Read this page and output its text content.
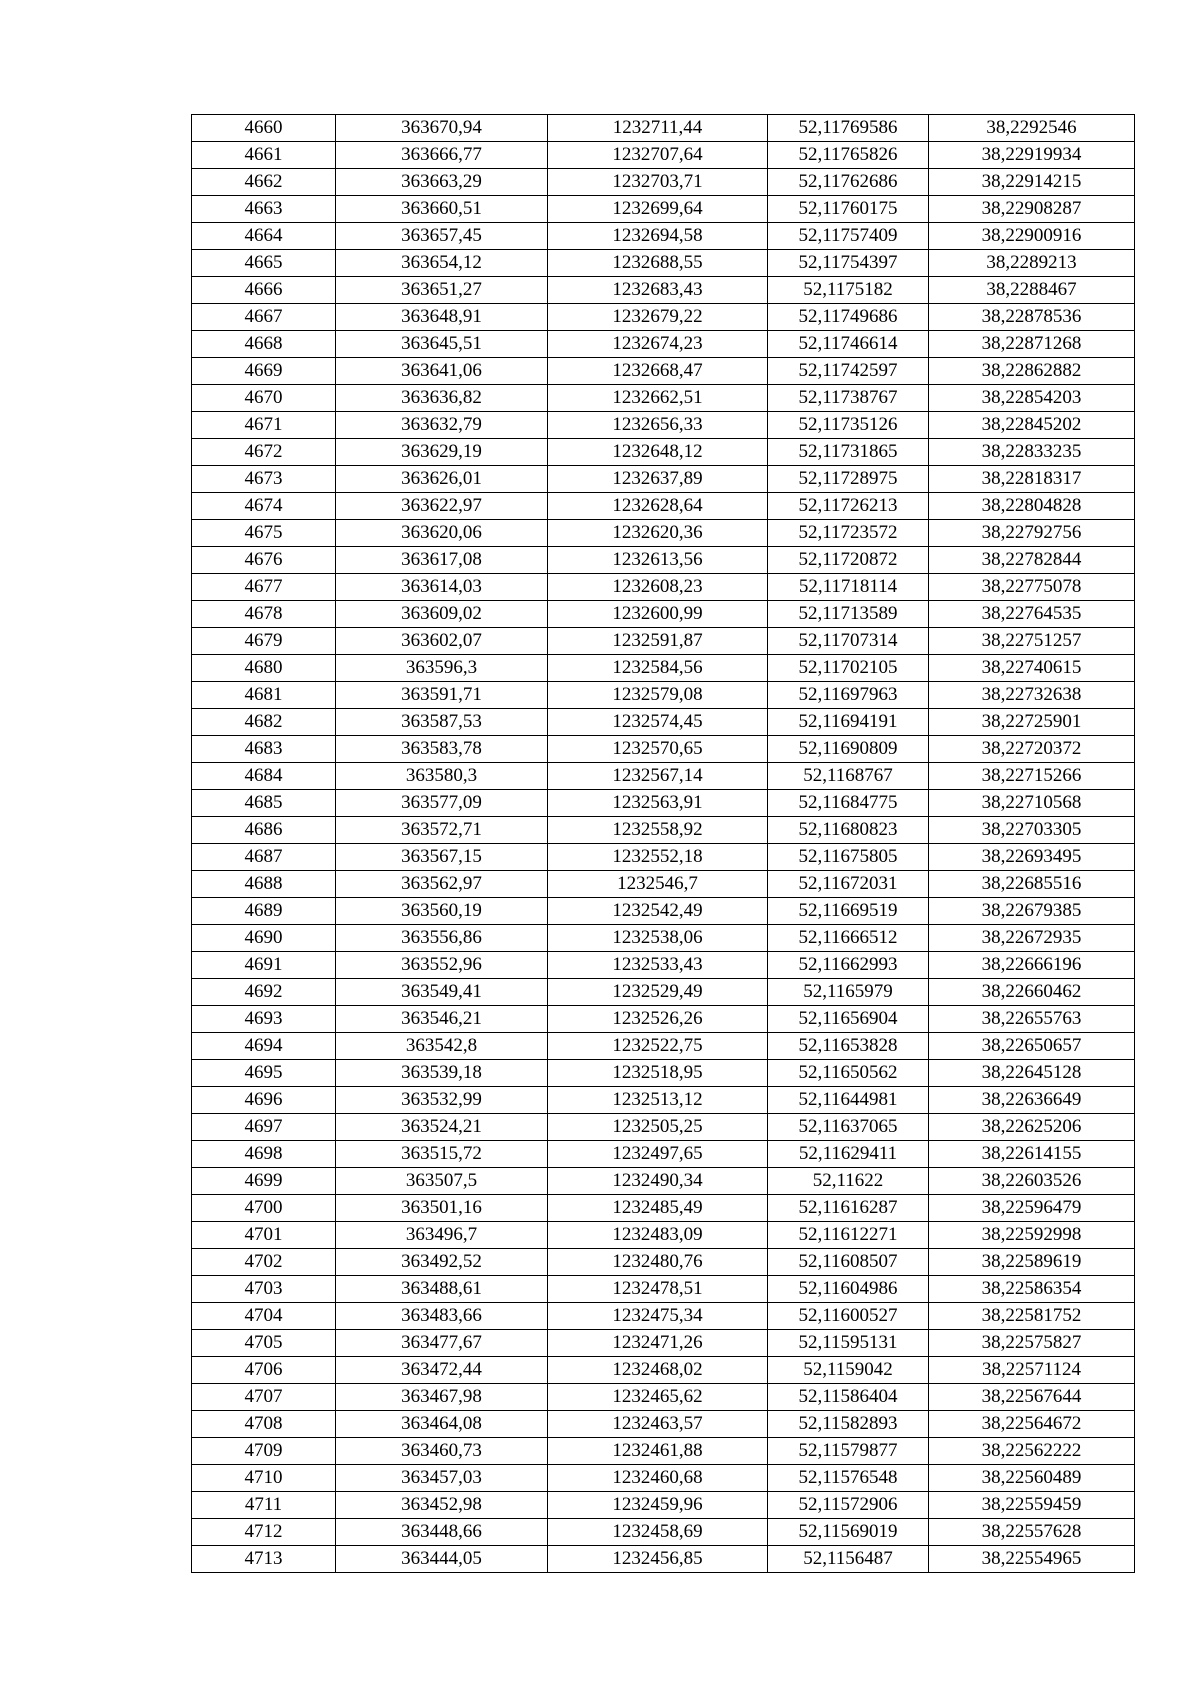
4660	363670,94	1232711,44	52,11769586	38,2292546
4661	363666,77	1232707,64	52,11765826	38,22919934
4662	363663,29	1232703,71	52,11762686	38,22914215
4663	363660,51	1232699,64	52,11760175	38,22908287
4664	363657,45	1232694,58	52,11757409	38,22900916
4665	363654,12	1232688,55	52,11754397	38,2289213
4666	363651,27	1232683,43	52,1175182	38,2288467
4667	363648,91	1232679,22	52,11749686	38,22878536
4668	363645,51	1232674,23	52,11746614	38,22871268
4669	363641,06	1232668,47	52,11742597	38,22862882
4670	363636,82	1232662,51	52,11738767	38,22854203
4671	363632,79	1232656,33	52,11735126	38,22845202
4672	363629,19	1232648,12	52,11731865	38,22833235
4673	363626,01	1232637,89	52,11728975	38,22818317
4674	363622,97	1232628,64	52,11726213	38,22804828
4675	363620,06	1232620,36	52,11723572	38,22792756
4676	363617,08	1232613,56	52,11720872	38,22782844
4677	363614,03	1232608,23	52,11718114	38,22775078
4678	363609,02	1232600,99	52,11713589	38,22764535
4679	363602,07	1232591,87	52,11707314	38,22751257
4680	363596,3	1232584,56	52,11702105	38,22740615
4681	363591,71	1232579,08	52,11697963	38,22732638
4682	363587,53	1232574,45	52,11694191	38,22725901
4683	363583,78	1232570,65	52,11690809	38,22720372
4684	363580,3	1232567,14	52,1168767	38,22715266
4685	363577,09	1232563,91	52,11684775	38,22710568
4686	363572,71	1232558,92	52,11680823	38,22703305
4687	363567,15	1232552,18	52,11675805	38,22693495
4688	363562,97	1232546,7	52,11672031	38,22685516
4689	363560,19	1232542,49	52,11669519	38,22679385
4690	363556,86	1232538,06	52,11666512	38,22672935
4691	363552,96	1232533,43	52,11662993	38,22666196
4692	363549,41	1232529,49	52,1165979	38,22660462
4693	363546,21	1232526,26	52,11656904	38,22655763
4694	363542,8	1232522,75	52,11653828	38,22650657
4695	363539,18	1232518,95	52,11650562	38,22645128
4696	363532,99	1232513,12	52,11644981	38,22636649
4697	363524,21	1232505,25	52,11637065	38,22625206
4698	363515,72	1232497,65	52,11629411	38,22614155
4699	363507,5	1232490,34	52,11622	38,22603526
4700	363501,16	1232485,49	52,11616287	38,22596479
4701	363496,7	1232483,09	52,11612271	38,22592998
4702	363492,52	1232480,76	52,11608507	38,22589619
4703	363488,61	1232478,51	52,11604986	38,22586354
4704	363483,66	1232475,34	52,11600527	38,22581752
4705	363477,67	1232471,26	52,11595131	38,22575827
4706	363472,44	1232468,02	52,1159042	38,22571124
4707	363467,98	1232465,62	52,11586404	38,22567644
4708	363464,08	1232463,57	52,11582893	38,22564672
4709	363460,73	1232461,88	52,11579877	38,22562222
4710	363457,03	1232460,68	52,11576548	38,22560489
4711	363452,98	1232459,96	52,11572906	38,22559459
4712	363448,66	1232458,69	52,11569019	38,22557628
4713	363444,05	1232456,85	52,1156487	38,22554965
